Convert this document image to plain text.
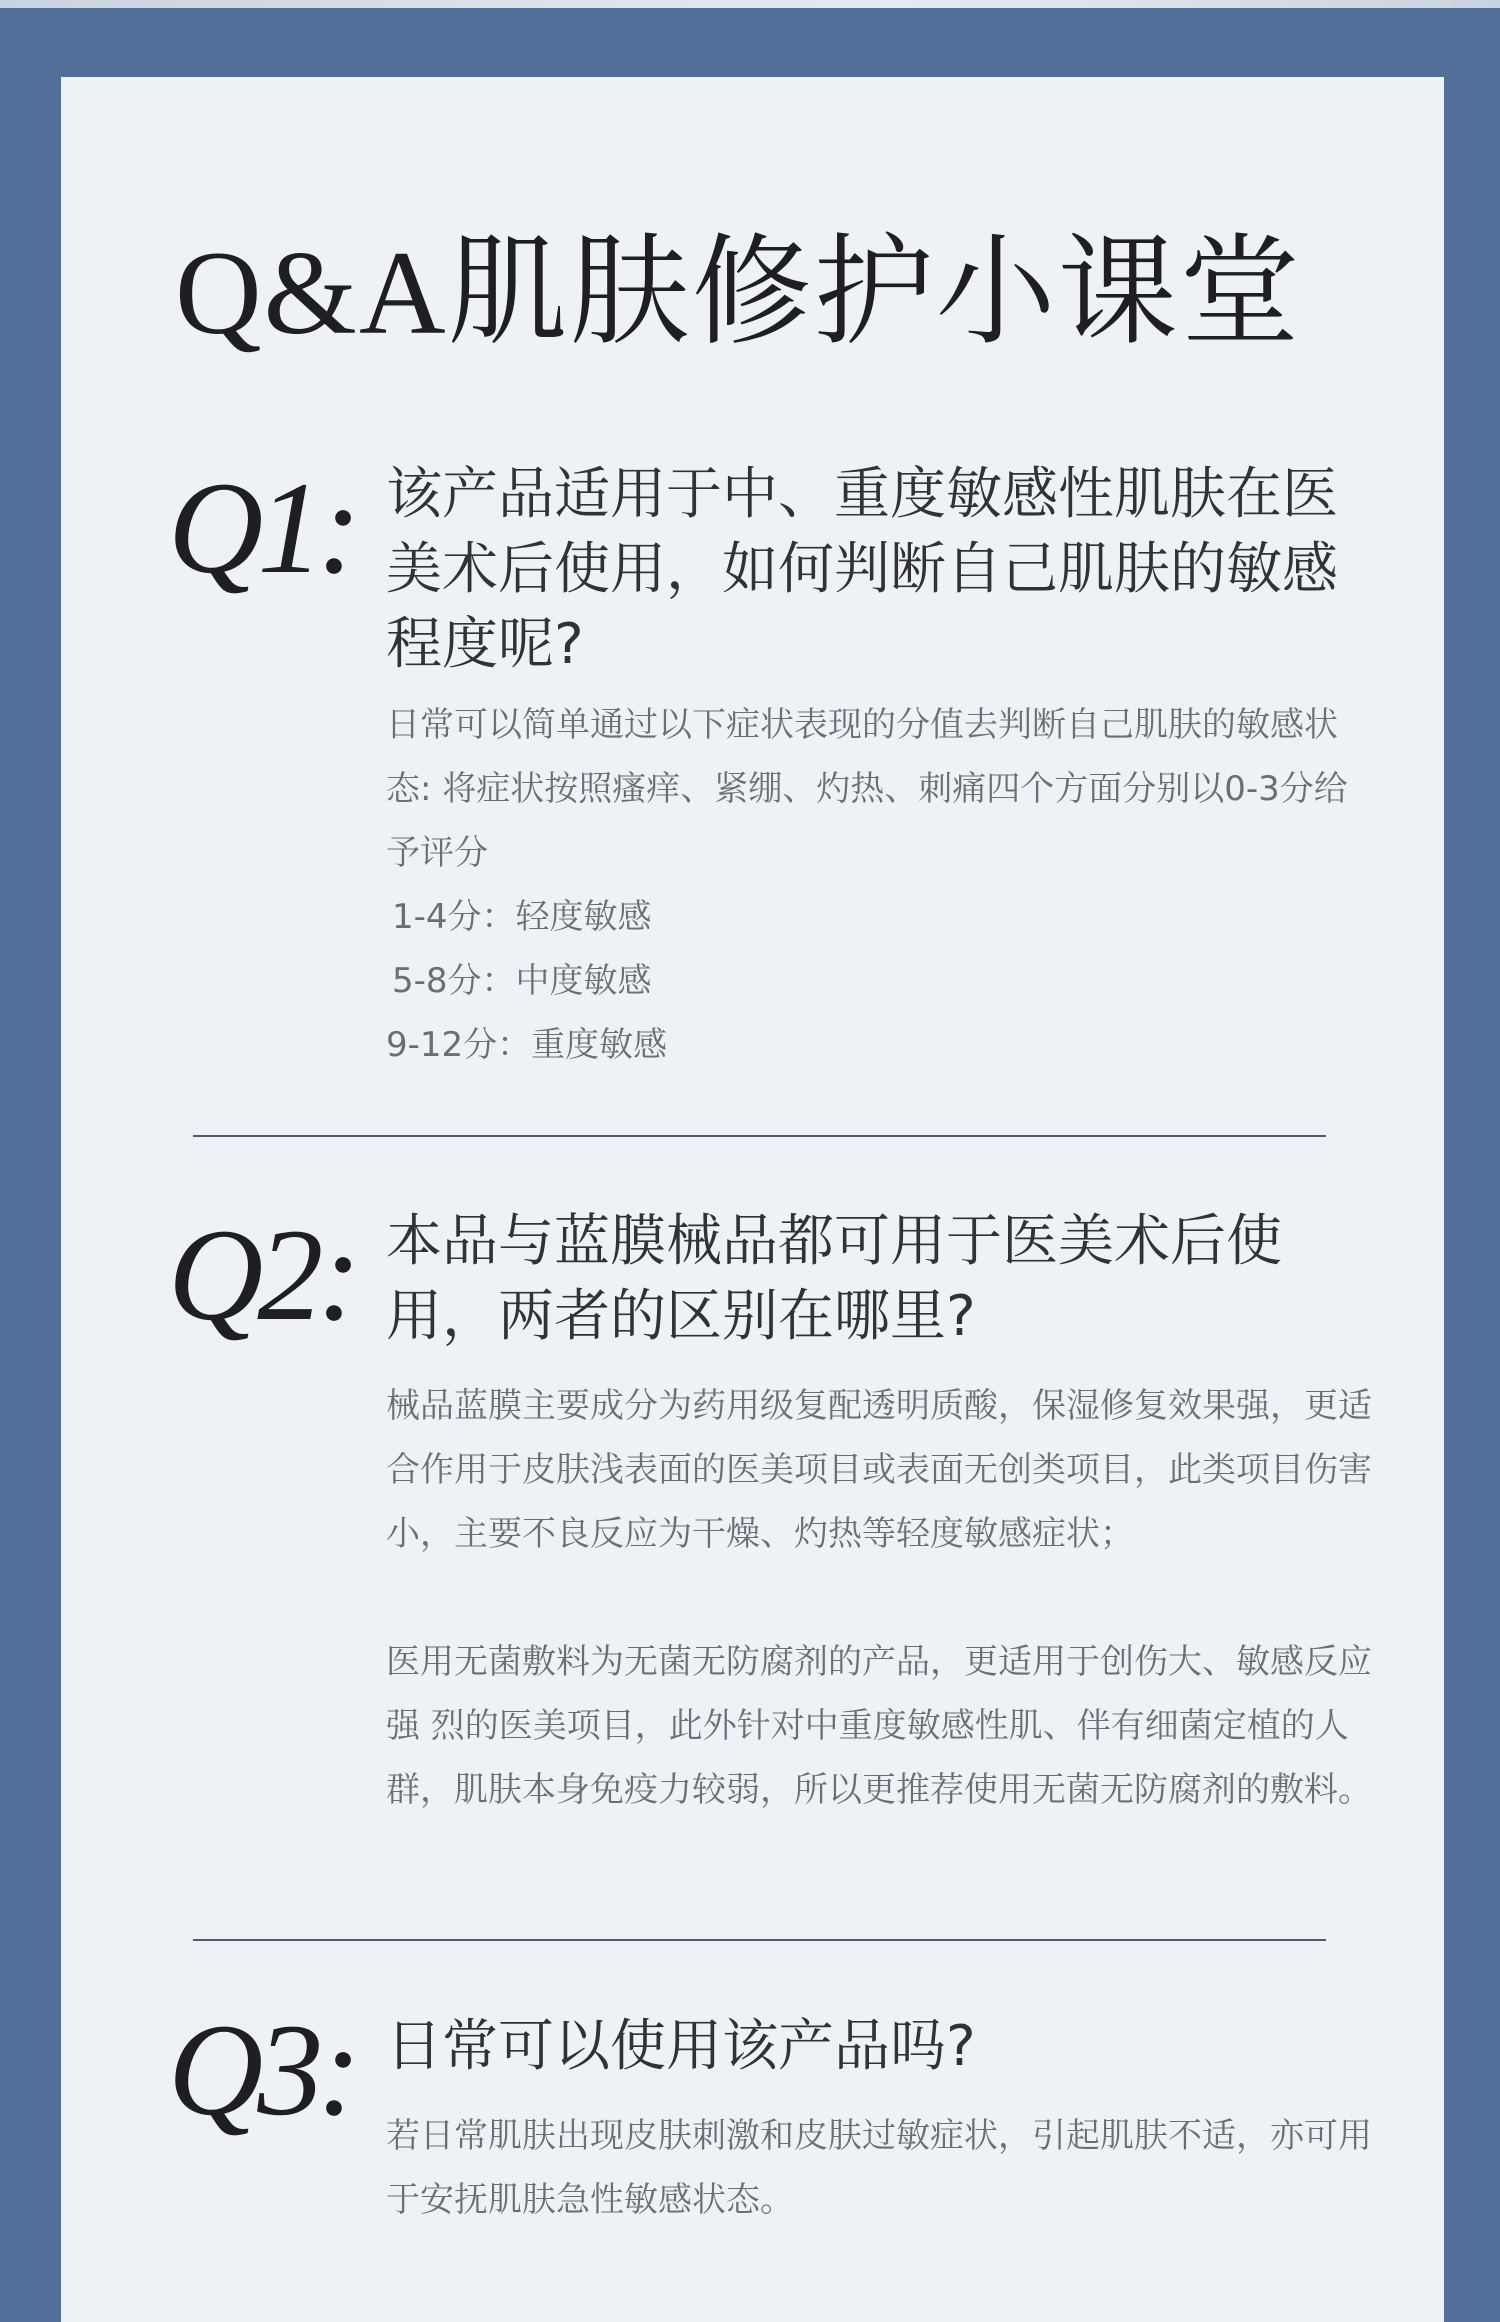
Q&A肌肤修护小课堂
Q1: 该产品适用于中、重度敏感性肌肤在医美术后使用，如何判断自己肌肤的敏感程度呢?

日常可以简单通过以下症状表现的分值去判断自己肌肤的敏感状态: 将症状按照瘙痒、紧绷、灼热、刺痛四个方面分别以0-3分给予评分

1-4分：轻度敏感

5-8分：中度敏感

9-12分：重度敏感

Q2: 本品与蓝膜械品都可用于医美术后使用，两者的区别在哪里?

械品蓝膜主要成分为药用级复配透明质酸，保湿修复效果强，更适合作用于皮肤浅表面的医美项目或表面无创类项目，此类项目伤害小，主要不良反应为干燥、灼热等轻度敏感症状；

医用无菌敷料为无菌无防腐剂的产品，更适用于创伤大、敏感反应强 烈的医美项目，此外针对中重度敏感性肌、伴有细菌定植的人群，肌肤本身免疫力较弱，所以更推荐使用无菌无防腐剂的敷料。

Q3: 日常可以使用该产品吗?

若日常肌肤出现皮肤刺激和皮肤过敏症状，引起肌肤不适，亦可用于安抚肌肤急性敏感状态。
